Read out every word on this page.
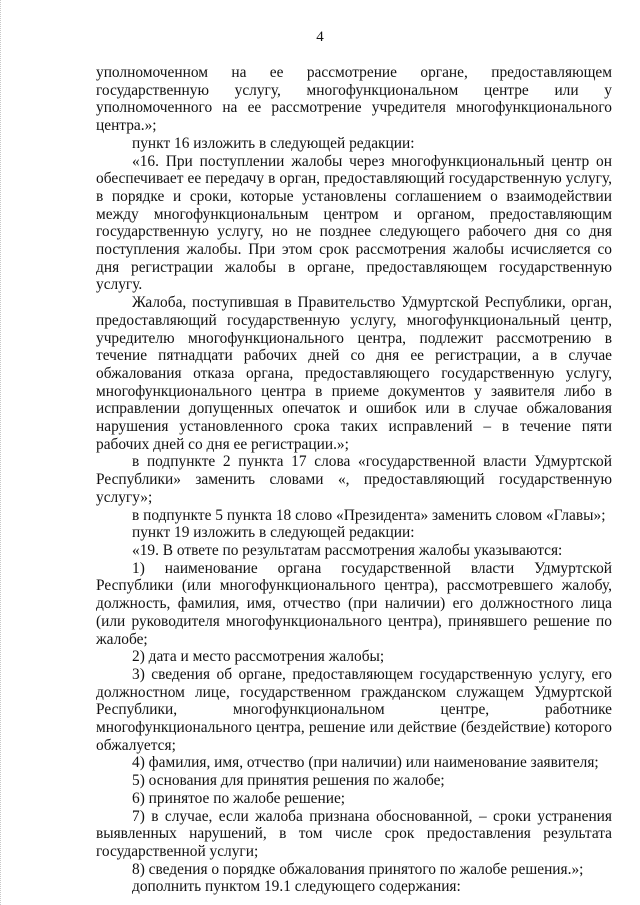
4

уполномоченном на ее рассмотрение органе, предоставляющем государственную услугу, многофункциональном центре или у уполномоченного на ее рассмотрение учредителя многофункционального центра.»;

пункт 16 изложить в следующей редакции:

«16. При поступлении жалобы через многофункциональный центр он обеспечивает ее передачу в орган, предоставляющий государственную услугу, в порядке и сроки, которые установлены соглашением о взаимодействии между многофункциональным центром и органом, предоставляющим государственную услугу, но не позднее следующего рабочего дня со дня поступления жалобы. При этом срок рассмотрения жалобы исчисляется со дня регистрации жалобы в органе, предоставляющем государственную услугу.

Жалоба, поступившая в Правительство Удмуртской Республики, орган, предоставляющий государственную услугу, многофункциональный центр, учредителю многофункционального центра, подлежит рассмотрению в течение пятнадцати рабочих дней со дня ее регистрации, а в случае обжалования отказа органа, предоставляющего государственную услугу, многофункционального центра в приеме документов у заявителя либо в исправлении допущенных опечаток и ошибок или в случае обжалования нарушения установленного срока таких исправлений – в течение пяти рабочих дней со дня ее регистрации.»;

в подпункте 2 пункта 17 слова «государственной власти Удмуртской Республики» заменить словами «, предоставляющий государственную услугу»;

в подпункте 5 пункта 18 слово «Президента» заменить словом «Главы»;

пункт 19 изложить в следующей редакции:

«19. В ответе по результатам рассмотрения жалобы указываются:

1) наименование органа государственной власти Удмуртской Республики (или многофункционального центра), рассмотревшего жалобу, должность, фамилия, имя, отчество (при наличии) его должностного лица (или руководителя многофункционального центра), принявшего решение по жалобе;

2) дата и место рассмотрения жалобы;

3) сведения об органе, предоставляющем государственную услугу, его должностном лице, государственном гражданском служащем Удмуртской Республики, многофункциональном центре, работнике многофункционального центра, решение или действие (бездействие) которого обжалуется;

4) фамилия, имя, отчество (при наличии) или наименование заявителя;

5) основания для принятия решения по жалобе;

6) принятое по жалобе решение;

7) в случае, если жалоба признана обоснованной, – сроки устранения выявленных нарушений, в том числе срок предоставления результата государственной услуги;

8) сведения о порядке обжалования принятого по жалобе решения.»;

дополнить пунктом 19.1 следующего содержания:
